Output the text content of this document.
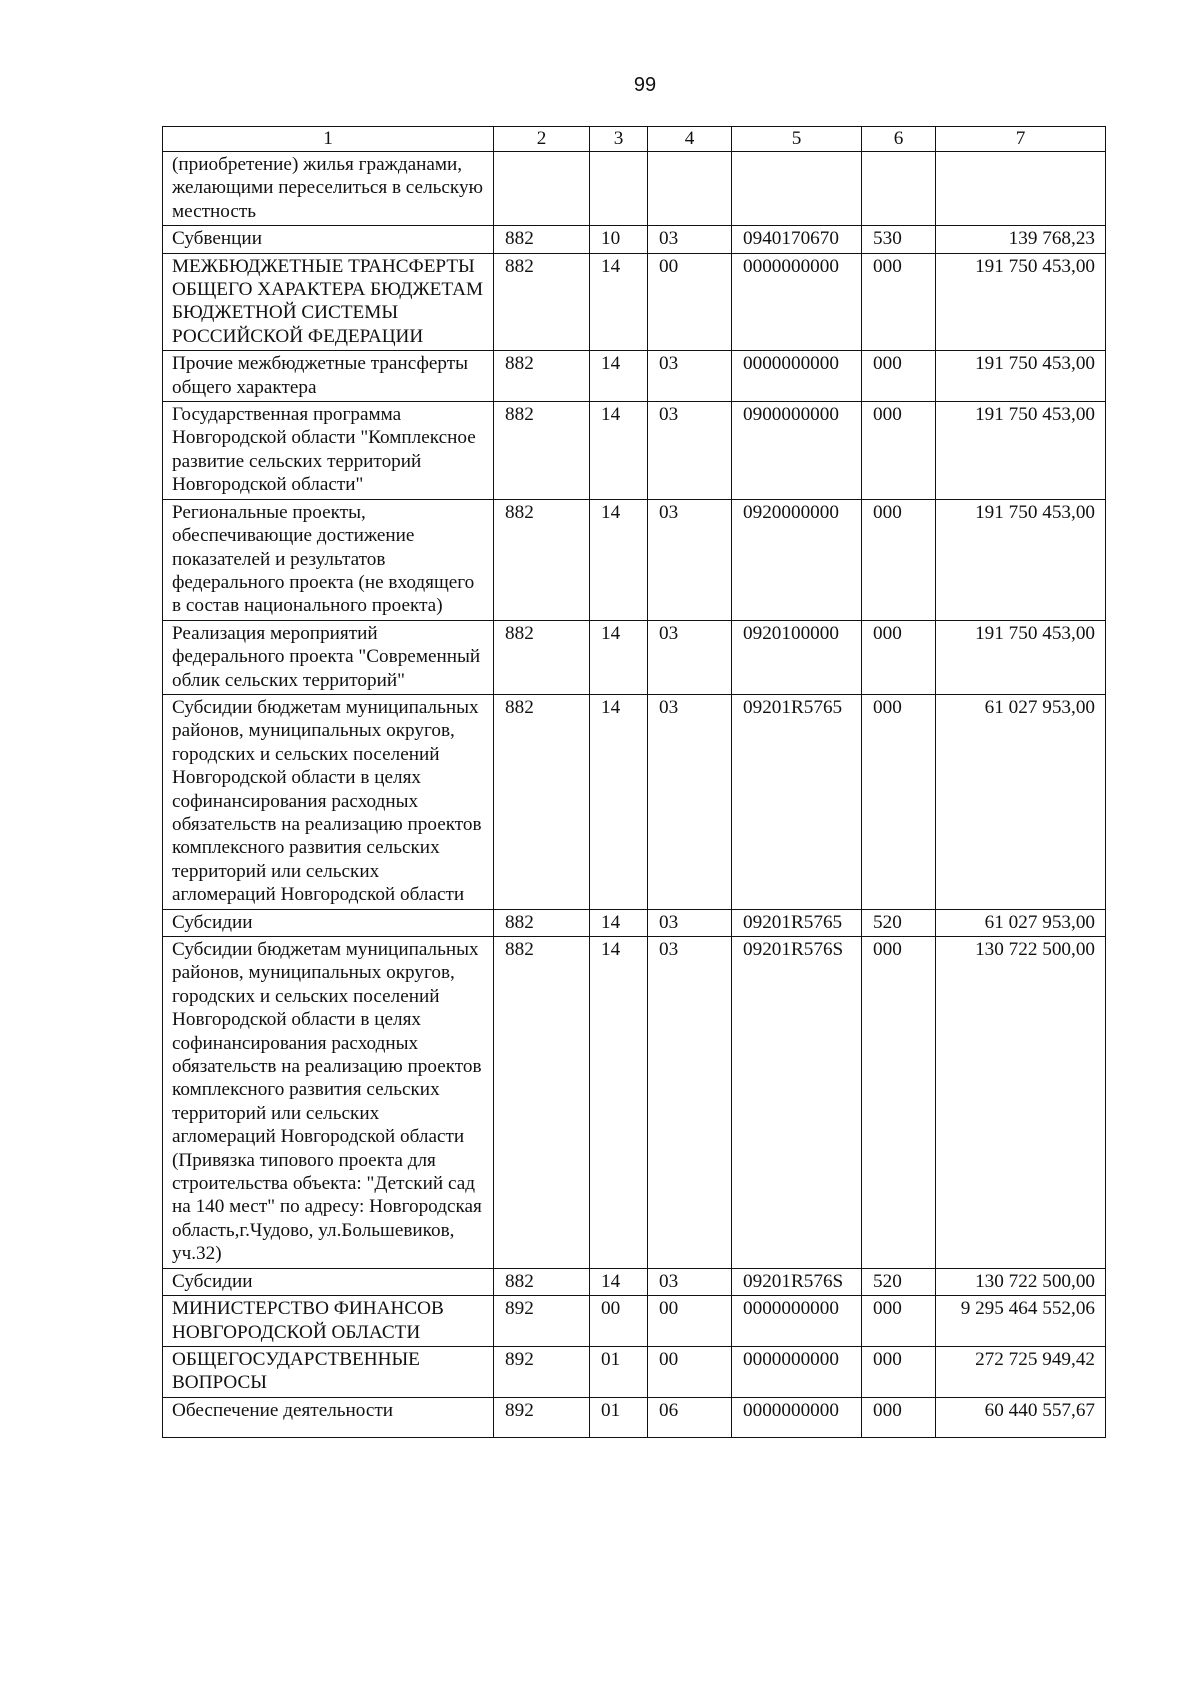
99
1	2	3	4	5	6	7
(приобретение) жилья гражданами, желающими переселиться в сельскую местность						
Субвенции	882	10	03	0940170670	530	139 768,23
МЕЖБЮДЖЕТНЫЕ ТРАНСФЕРТЫ ОБЩЕГО ХАРАКТЕРА БЮДЖЕТАМ БЮДЖЕТНОЙ СИСТЕМЫ РОССИЙСКОЙ ФЕДЕРАЦИИ	882	14	00	0000000000	000	191 750 453,00
Прочие межбюджетные трансферты общего характера	882	14	03	0000000000	000	191 750 453,00
Государственная программа Новгородской области "Комплексное развитие сельских территорий Новгородской области"	882	14	03	0900000000	000	191 750 453,00
Региональные проекты, обеспечивающие достижение показателей и результатов федерального проекта (не входящего в состав национального проекта)	882	14	03	0920000000	000	191 750 453,00
Реализация мероприятий федерального проекта "Современный облик сельских территорий"	882	14	03	0920100000	000	191 750 453,00
Субсидии бюджетам муниципальных районов, муниципальных округов, городских и сельских поселений Новгородской области в целях софинансирования расходных обязательств на реализацию проектов комплексного развития сельских территорий или сельских агломераций Новгородской области	882	14	03	09201R5765	000	61 027 953,00
Субсидии	882	14	03	09201R5765	520	61 027 953,00
Субсидии бюджетам муниципальных районов, муниципальных округов, городских и сельских поселений Новгородской области в целях софинансирования расходных обязательств на реализацию проектов комплексного развития сельских территорий или сельских агломераций Новгородской области (Привязка типового проекта для строительства объекта: "Детский сад на 140 мест" по адресу: Новгородская область,г.Чудово, ул.Большевиков, уч.32)	882	14	03	09201R576S	000	130 722 500,00
Субсидии	882	14	03	09201R576S	520	130 722 500,00
МИНИСТЕРСТВО ФИНАНСОВ НОВГОРОДСКОЙ ОБЛАСТИ	892	00	00	0000000000	000	9 295 464 552,06
ОБЩЕГОСУДАРСТВЕННЫЕ ВОПРОСЫ	892	01	00	0000000000	000	272 725 949,42
Обеспечение деятельности	892	01	06	0000000000	000	60 440 557,67
